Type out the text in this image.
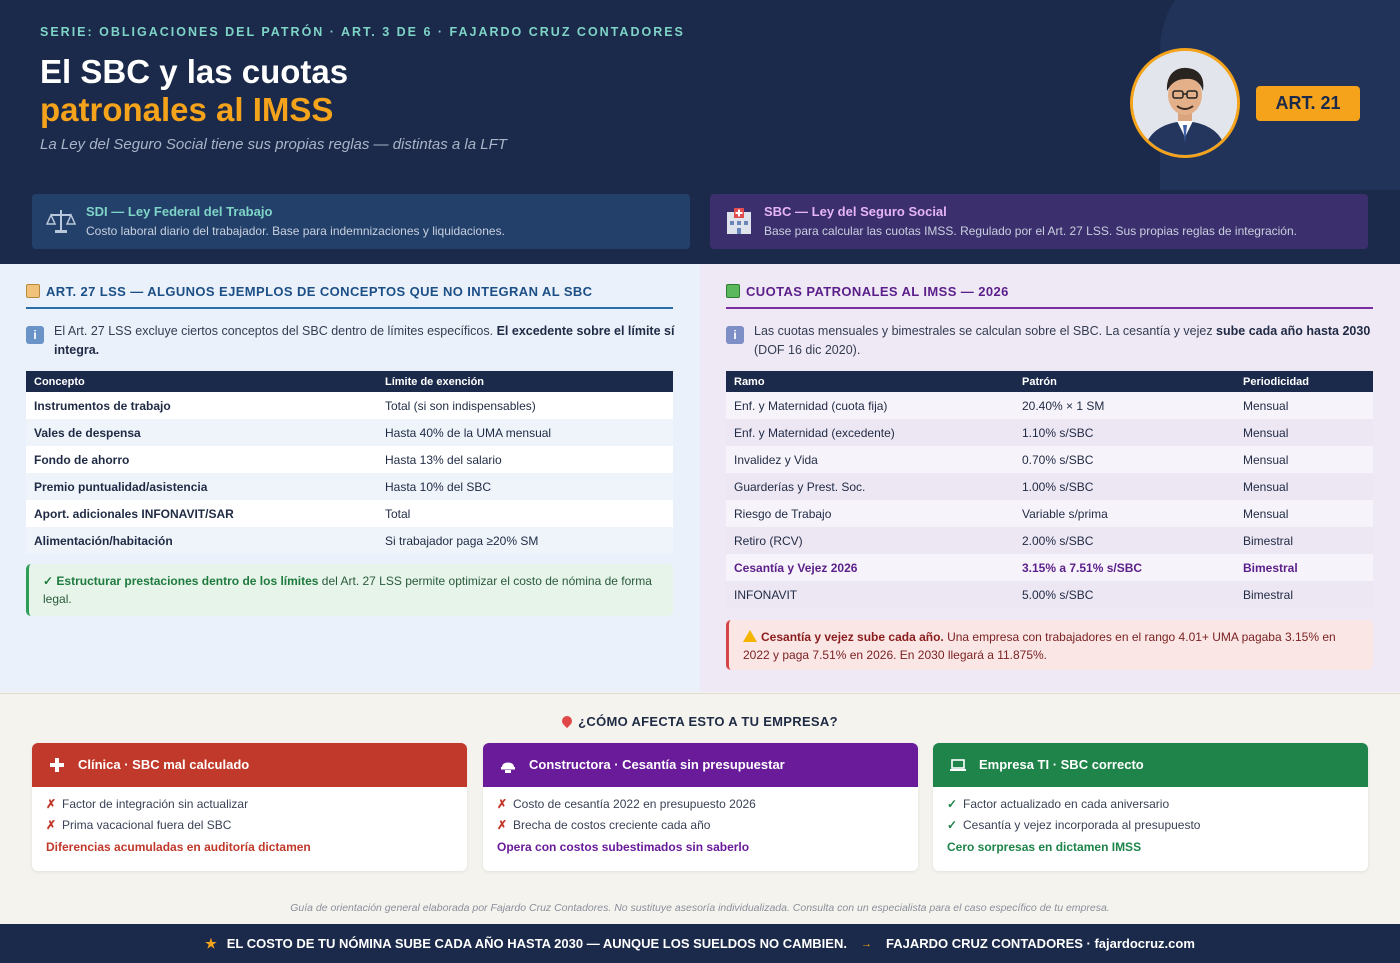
SERIE: OBLIGACIONES DEL PATRÓN · ART. 3 DE 6 · FAJARDO CRUZ CONTADORES
El SBC y las cuotas
patronales al IMSS
La Ley del Seguro Social tiene sus propias reglas — distintas a la LFT
ART. 21
SDI — Ley Federal del Trabajo
Costo laboral diario del trabajador. Base para indemnizaciones y liquidaciones.
SBC — Ley del Seguro Social
Base para calcular las cuotas IMSS. Regulado por el Art. 27 LSS. Sus propias reglas de integración.
ART. 27 LSS — ALGUNOS EJEMPLOS DE CONCEPTOS QUE NO INTEGRAN AL SBC
i	El Art. 27 LSS excluye ciertos conceptos del SBC dentro de límites específicos. El excedente sobre el límite sí integra.
Concepto	Límite de exención
Instrumentos de trabajo	Total (si son indispensables)
Vales de despensa	Hasta 40% de la UMA mensual
Fondo de ahorro	Hasta 13% del salario
Premio puntualidad/asistencia	Hasta 10% del SBC
Aport. adicionales INFONAVIT/SAR	Total
Alimentación/habitación	Si trabajador paga ≥20% SM
✓ Estructurar prestaciones dentro de los límites del Art. 27 LSS permite optimizar el costo de nómina de forma legal.
CUOTAS PATRONALES AL IMSS — 2026
i	Las cuotas mensuales y bimestrales se calculan sobre el SBC. La cesantía y vejez sube cada año hasta 2030 (DOF 16 dic 2020).
Ramo	Patrón	Periodicidad
Enf. y Maternidad (cuota fija)	20.40% × 1 SM	Mensual
Enf. y Maternidad (excedente)	1.10% s/SBC	Mensual
Invalidez y Vida	0.70% s/SBC	Mensual
Guarderías y Prest. Soc.	1.00% s/SBC	Mensual
Riesgo de Trabajo	Variable s/prima	Mensual
Retiro (RCV)	2.00% s/SBC	Bimestral
Cesantía y Vejez 2026	3.15% a 7.51% s/SBC	Bimestral
INFONAVIT	5.00% s/SBC	Bimestral
Cesantía y vejez sube cada año. Una empresa con trabajadores en el rango 4.01+ UMA pagaba 3.15% en 2022 y paga 7.51% en 2026. En 2030 llegará a 11.875%.
¿CÓMO AFECTA ESTO A TU EMPRESA?
Clínica · SBC mal calculado
✗ Factor de integración sin actualizar
✗ Prima vacacional fuera del SBC
Diferencias acumuladas en auditoría dictamen
Constructora · Cesantía sin presupuestar
✗ Costo de cesantía 2022 en presupuesto 2026
✗ Brecha de costos creciente cada año
Opera con costos subestimados sin saberlo
Empresa TI · SBC correcto
✓ Factor actualizado en cada aniversario
✓ Cesantía y vejez incorporada al presupuesto
Cero sorpresas en dictamen IMSS
Guía de orientación general elaborada por Fajardo Cruz Contadores. No sustituye asesoría individualizada. Consulta con un especialista para el caso específico de tu empresa.
★ EL COSTO DE TU NÓMINA SUBE CADA AÑO HASTA 2030 — AUNQUE LOS SUELDOS NO CAMBIEN. → FAJARDO CRUZ CONTADORES · fajardocruz.com
